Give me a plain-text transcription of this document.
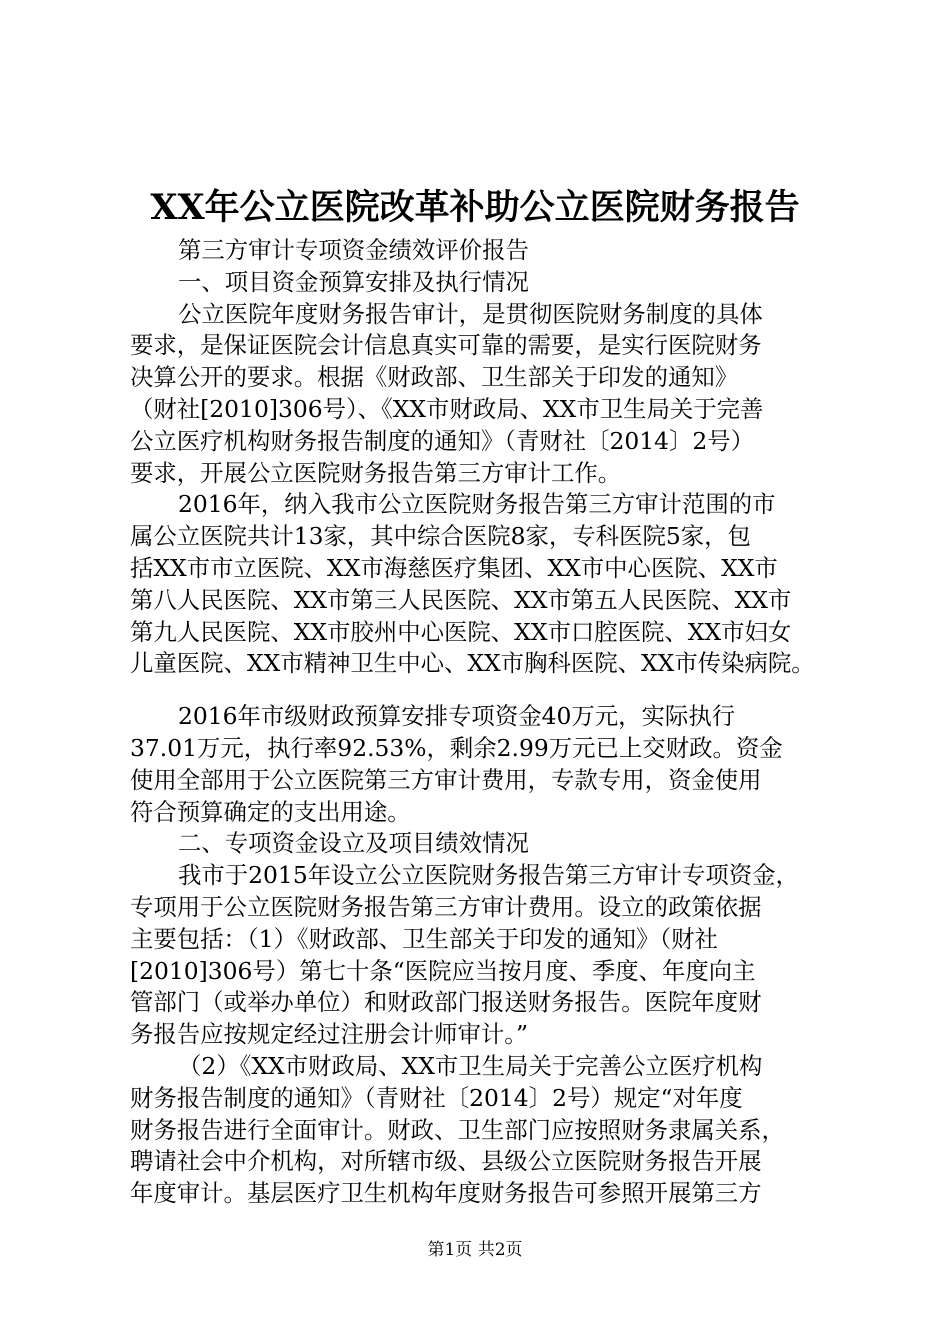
XX年公立医院改革补助公立医院财务报告
第三方审计专项资金绩效评价报告
一、项目资金预算安排及执行情况
公立医院年度财务报告审计，是贯彻医院财务制度的具体
要求，是保证医院会计信息真实可靠的需要，是实行医院财务
决算公开的要求。根据《财政部、卫生部关于印发的通知》
（财社[2010]306号）、《XX市财政局、XX市卫生局关于完善
公立医疗机构财务报告制度的通知》（青财社〔2014〕2号）
要求，开展公立医院财务报告第三方审计工作。
2016年，纳入我市公立医院财务报告第三方审计范围的市
属公立医院共计13家，其中综合医院8家，专科医院5家，包
括XX市市立医院、XX市海慈医疗集团、XX市中心医院、XX市
第八人民医院、XX市第三人民医院、XX市第五人民医院、XX市
第九人民医院、XX市胶州中心医院、XX市口腔医院、XX市妇女
儿童医院、XX市精神卫生中心、XX市胸科医院、XX市传染病院。
2016年市级财政预算安排专项资金40万元，实际执行
37.01万元，执行率92.53%，剩余2.99万元已上交财政。资金
使用全部用于公立医院第三方审计费用，专款专用，资金使用
符合预算确定的支出用途。
二、专项资金设立及项目绩效情况
我市于2015年设立公立医院财务报告第三方审计专项资金，
专项用于公立医院财务报告第三方审计费用。设立的政策依据
主要包括：（1）《财政部、卫生部关于印发的通知》（财社
[2010]306号）第七十条“医院应当按月度、季度、年度向主
管部门（或举办单位）和财政部门报送财务报告。医院年度财
务报告应按规定经过注册会计师审计。”
（2）《XX市财政局、XX市卫生局关于完善公立医疗机构
财务报告制度的通知》（青财社〔2014〕2号）规定“对年度
财务报告进行全面审计。财政、卫生部门应按照财务隶属关系，
聘请社会中介机构，对所辖市级、县级公立医院财务报告开展
年度审计。基层医疗卫生机构年度财务报告可参照开展第三方
第1页 共2页
